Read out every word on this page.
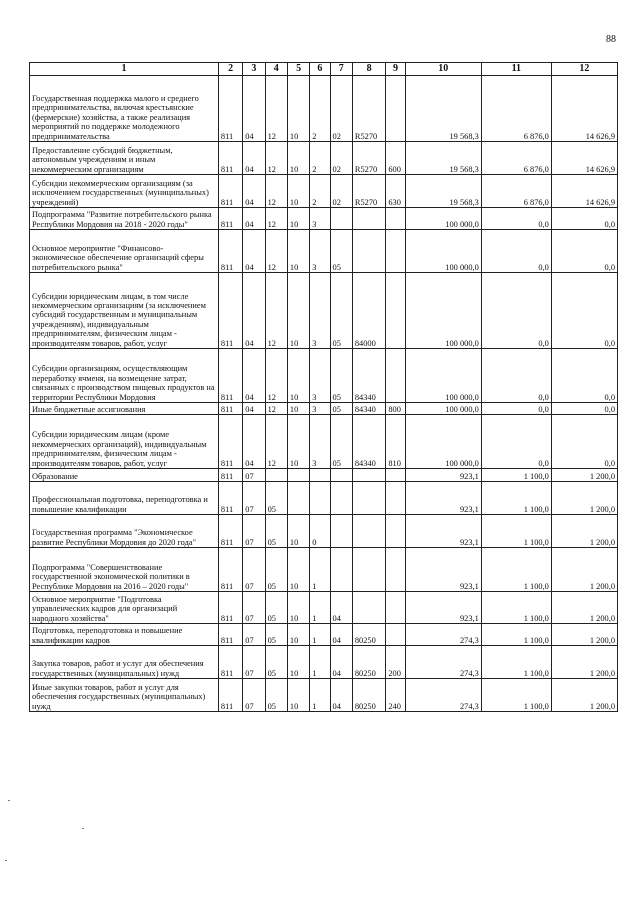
88
1	2	3	4	5	6	7	8	9	10	11	12
Государственная поддержка малого и среднего предпринимательства, включая крестьянские (фермерские) хозяйства, а также реализация мероприятий по поддержке молодежного предпринимательства	811	04	12	10	2	02	R5270		19 568,3	6 876,0	14 626,9
Предоставление субсидий бюджетным, автономным учреждениям и иным некоммерческим организациям	811	04	12	10	2	02	R5270	600	19 568,3	6 876,0	14 626,9
Субсидии некоммерческим организациям (за исключением государственных (муниципальных) учреждений)	811	04	12	10	2	02	R5270	630	19 568,3	6 876,0	14 626,9
Подпрограмма "Развитие потребительского рынка Республики Мордовия на 2018 - 2020 годы"	811	04	12	10	3				100 000,0	0,0	0,0
Основное мероприятие "Финансово-экономическое обеспечение организаций сферы потребительского рынка"	811	04	12	10	3	05			100 000,0	0,0	0,0
Субсидии юридическим лицам, в том числе некоммерческим организациям (за исключением субсидий государственным и муниципальным учреждениям), индивидуальным предпринимателям, физическим лицам - производителям товаров, работ, услуг	811	04	12	10	3	05	84000		100 000,0	0,0	0,0
Субсидии организациям, осуществляющим переработку ячменя, на возмещение затрат, связанных с производством пищевых продуктов на территории Республики Мордовия	811	04	12	10	3	05	84340		100 000,0	0,0	0,0
Иные бюджетные ассигнования	811	04	12	10	3	05	84340	800	100 000,0	0,0	0,0
Субсидии юридическим лицам (кроме некоммерческих организаций), индивидуальным предпринимателям, физическим лицам - производителям товаров, работ, услуг	811	04	12	10	3	05	84340	810	100 000,0	0,0	0,0
Образование	811	07							923,1	1 100,0	1 200,0
Профессиональная подготовка, переподготовка и повышение квалификации	811	07	05						923,1	1 100,0	1 200,0
Государственная программа "Экономическое развитие Республики Мордовия до 2020 года"	811	07	05	10	0				923,1	1 100,0	1 200,0
Подпрограмма "Совершенствование государственной экономической политики в Республике Мордовия на 2016 – 2020 годы"	811	07	05	10	1				923,1	1 100,0	1 200,0
Основное мероприятие "Подготовка управленческих кадров для организаций народного хозяйства"	811	07	05	10	1	04			923,1	1 100,0	1 200,0
Подготовка, переподготовка и повышение квалификации кадров	811	07	05	10	1	04	80250		274,3	1 100,0	1 200,0
Закупка товаров, работ и услуг для обеспечения государственных (муниципальных) нужд	811	07	05	10	1	04	80250	200	274,3	1 100,0	1 200,0
Иные закупки товаров, работ и услуг для обеспечения государственных (муниципальных) нужд	811	07	05	10	1	04	80250	240	274,3	1 100,0	1 200,0
